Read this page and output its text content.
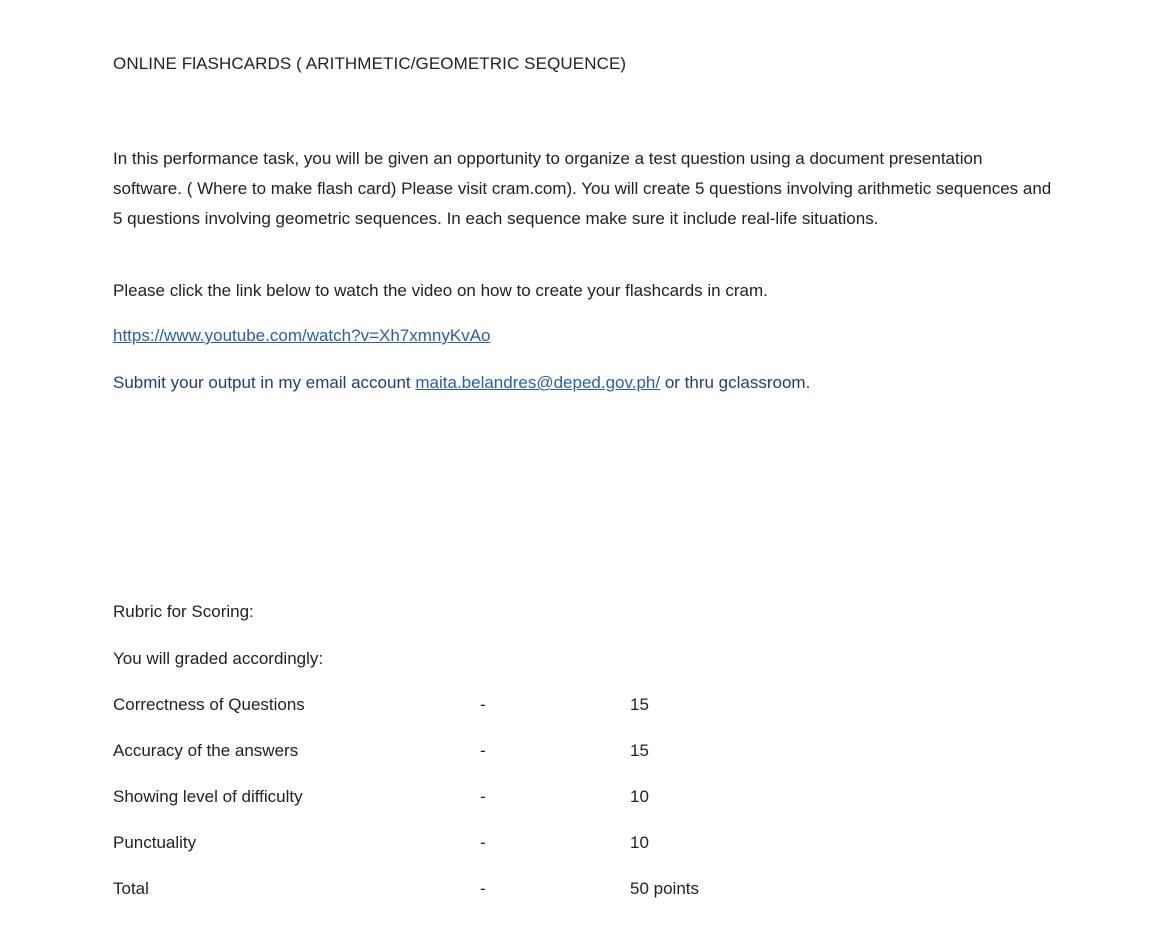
ONLINE FlASHCARDS ( ARITHMETIC/GEOMETRIC SEQUENCE)
In this performance task, you will be given an opportunity to organize a test question using a document presentation software. ( Where to make flash card) Please visit cram.com). You will create 5 questions involving arithmetic sequences and 5 questions involving geometric sequences. In each sequence make sure it include real-life situations.
Please click the link below to watch the video on how to create your flashcards in cram.
https://www.youtube.com/watch?v=Xh7xmnyKvAo
Submit your output in my email account maita.belandres@deped.gov.ph/ or thru gclassroom.
Rubric for Scoring:
You will graded accordingly:
Correctness of Questions	-	15
Accuracy of the answers	-	15
Showing level of difficulty	-	10
Punctuality	-	10
Total	-	50 points
